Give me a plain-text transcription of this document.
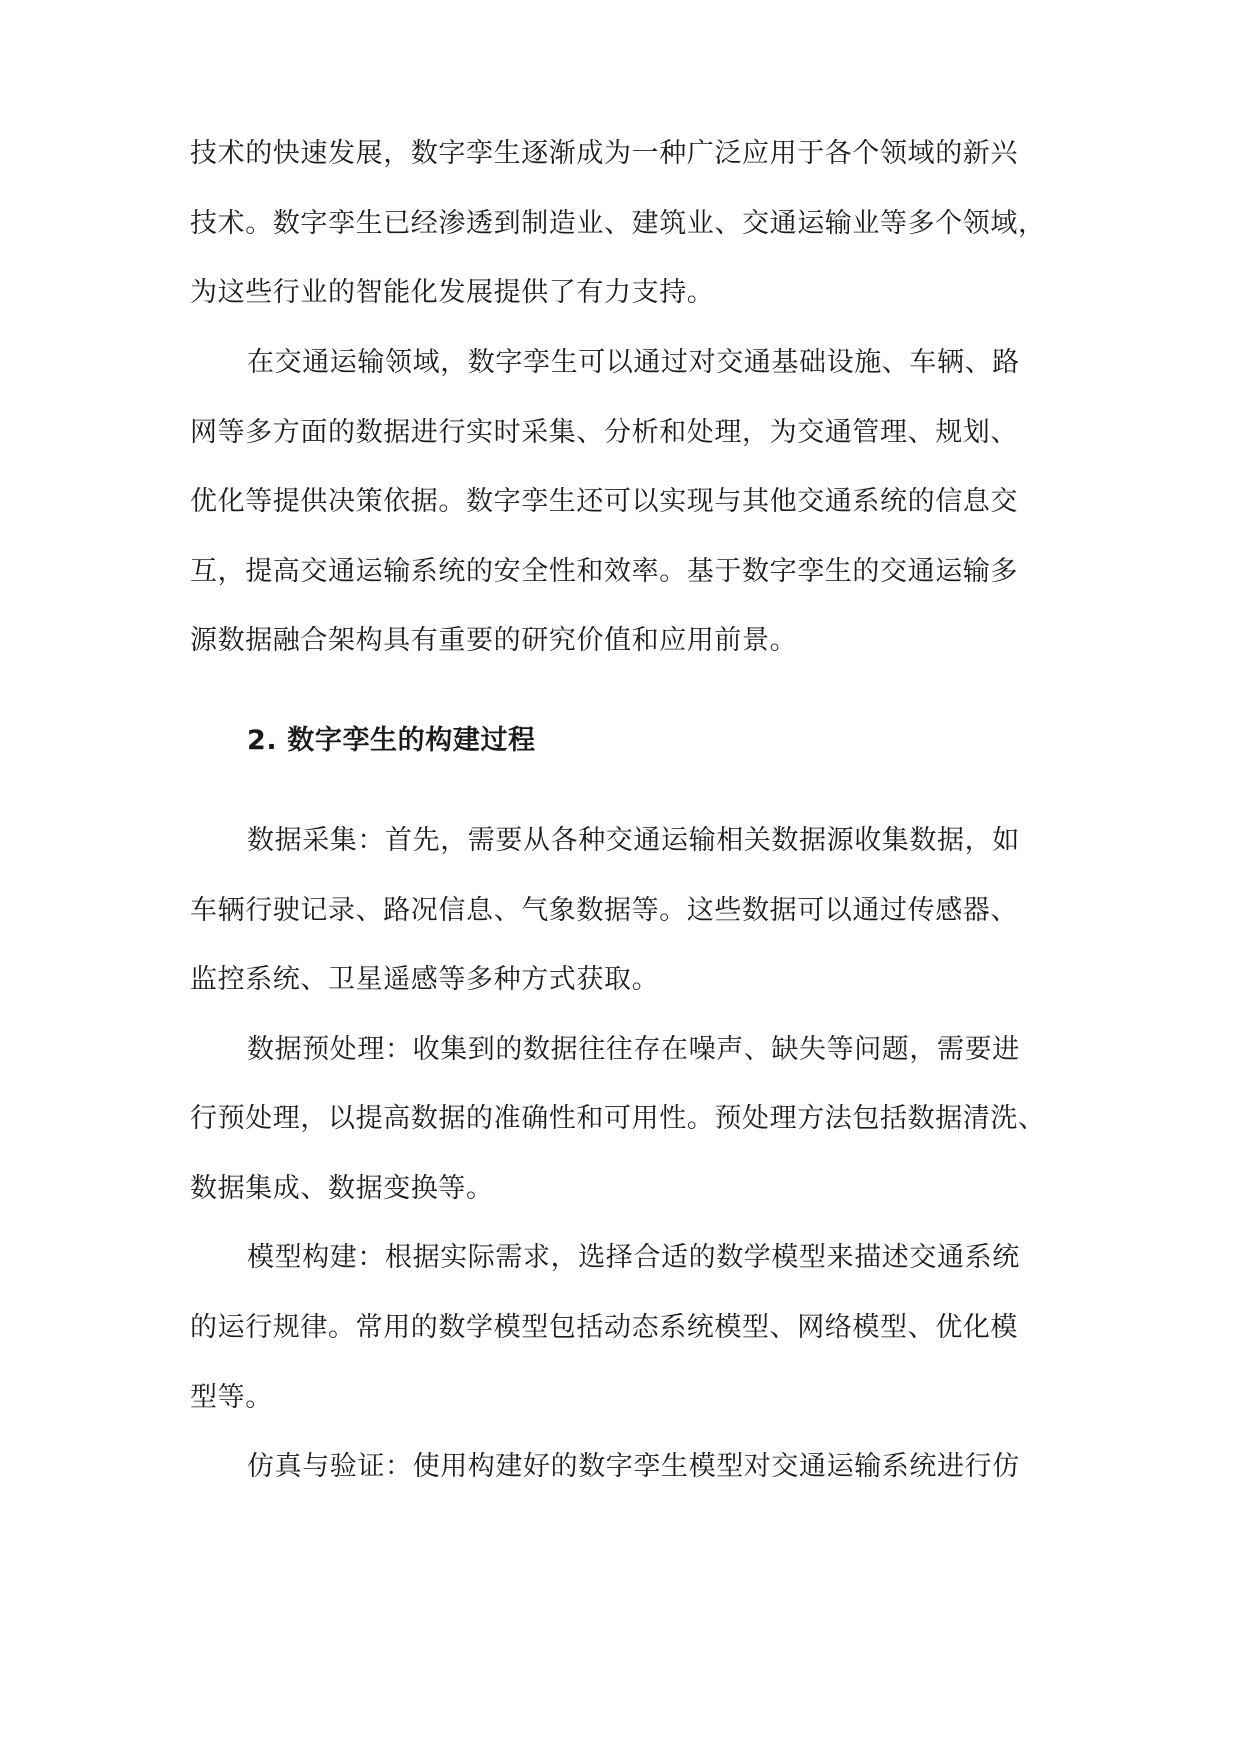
技术的快速发展，数字孪生逐渐成为一种广泛应用于各个领域的新兴
技术。数字孪生已经渗透到制造业、建筑业、交通运输业等多个领域，
为这些行业的智能化发展提供了有力支持。
在交通运输领域，数字孪生可以通过对交通基础设施、车辆、路
网等多方面的数据进行实时采集、分析和处理，为交通管理、规划、
优化等提供决策依据。数字孪生还可以实现与其他交通系统的信息交
互，提高交通运输系统的安全性和效率。基于数字孪生的交通运输多
源数据融合架构具有重要的研究价值和应用前景。
2. 数字孪生的构建过程
数据采集：首先，需要从各种交通运输相关数据源收集数据，如
车辆行驶记录、路况信息、气象数据等。这些数据可以通过传感器、
监控系统、卫星遥感等多种方式获取。
数据预处理：收集到的数据往往存在噪声、缺失等问题，需要进
行预处理，以提高数据的准确性和可用性。预处理方法包括数据清洗、
数据集成、数据变换等。
模型构建：根据实际需求，选择合适的数学模型来描述交通系统
的运行规律。常用的数学模型包括动态系统模型、网络模型、优化模
型等。
仿真与验证：使用构建好的数字孪生模型对交通运输系统进行仿
